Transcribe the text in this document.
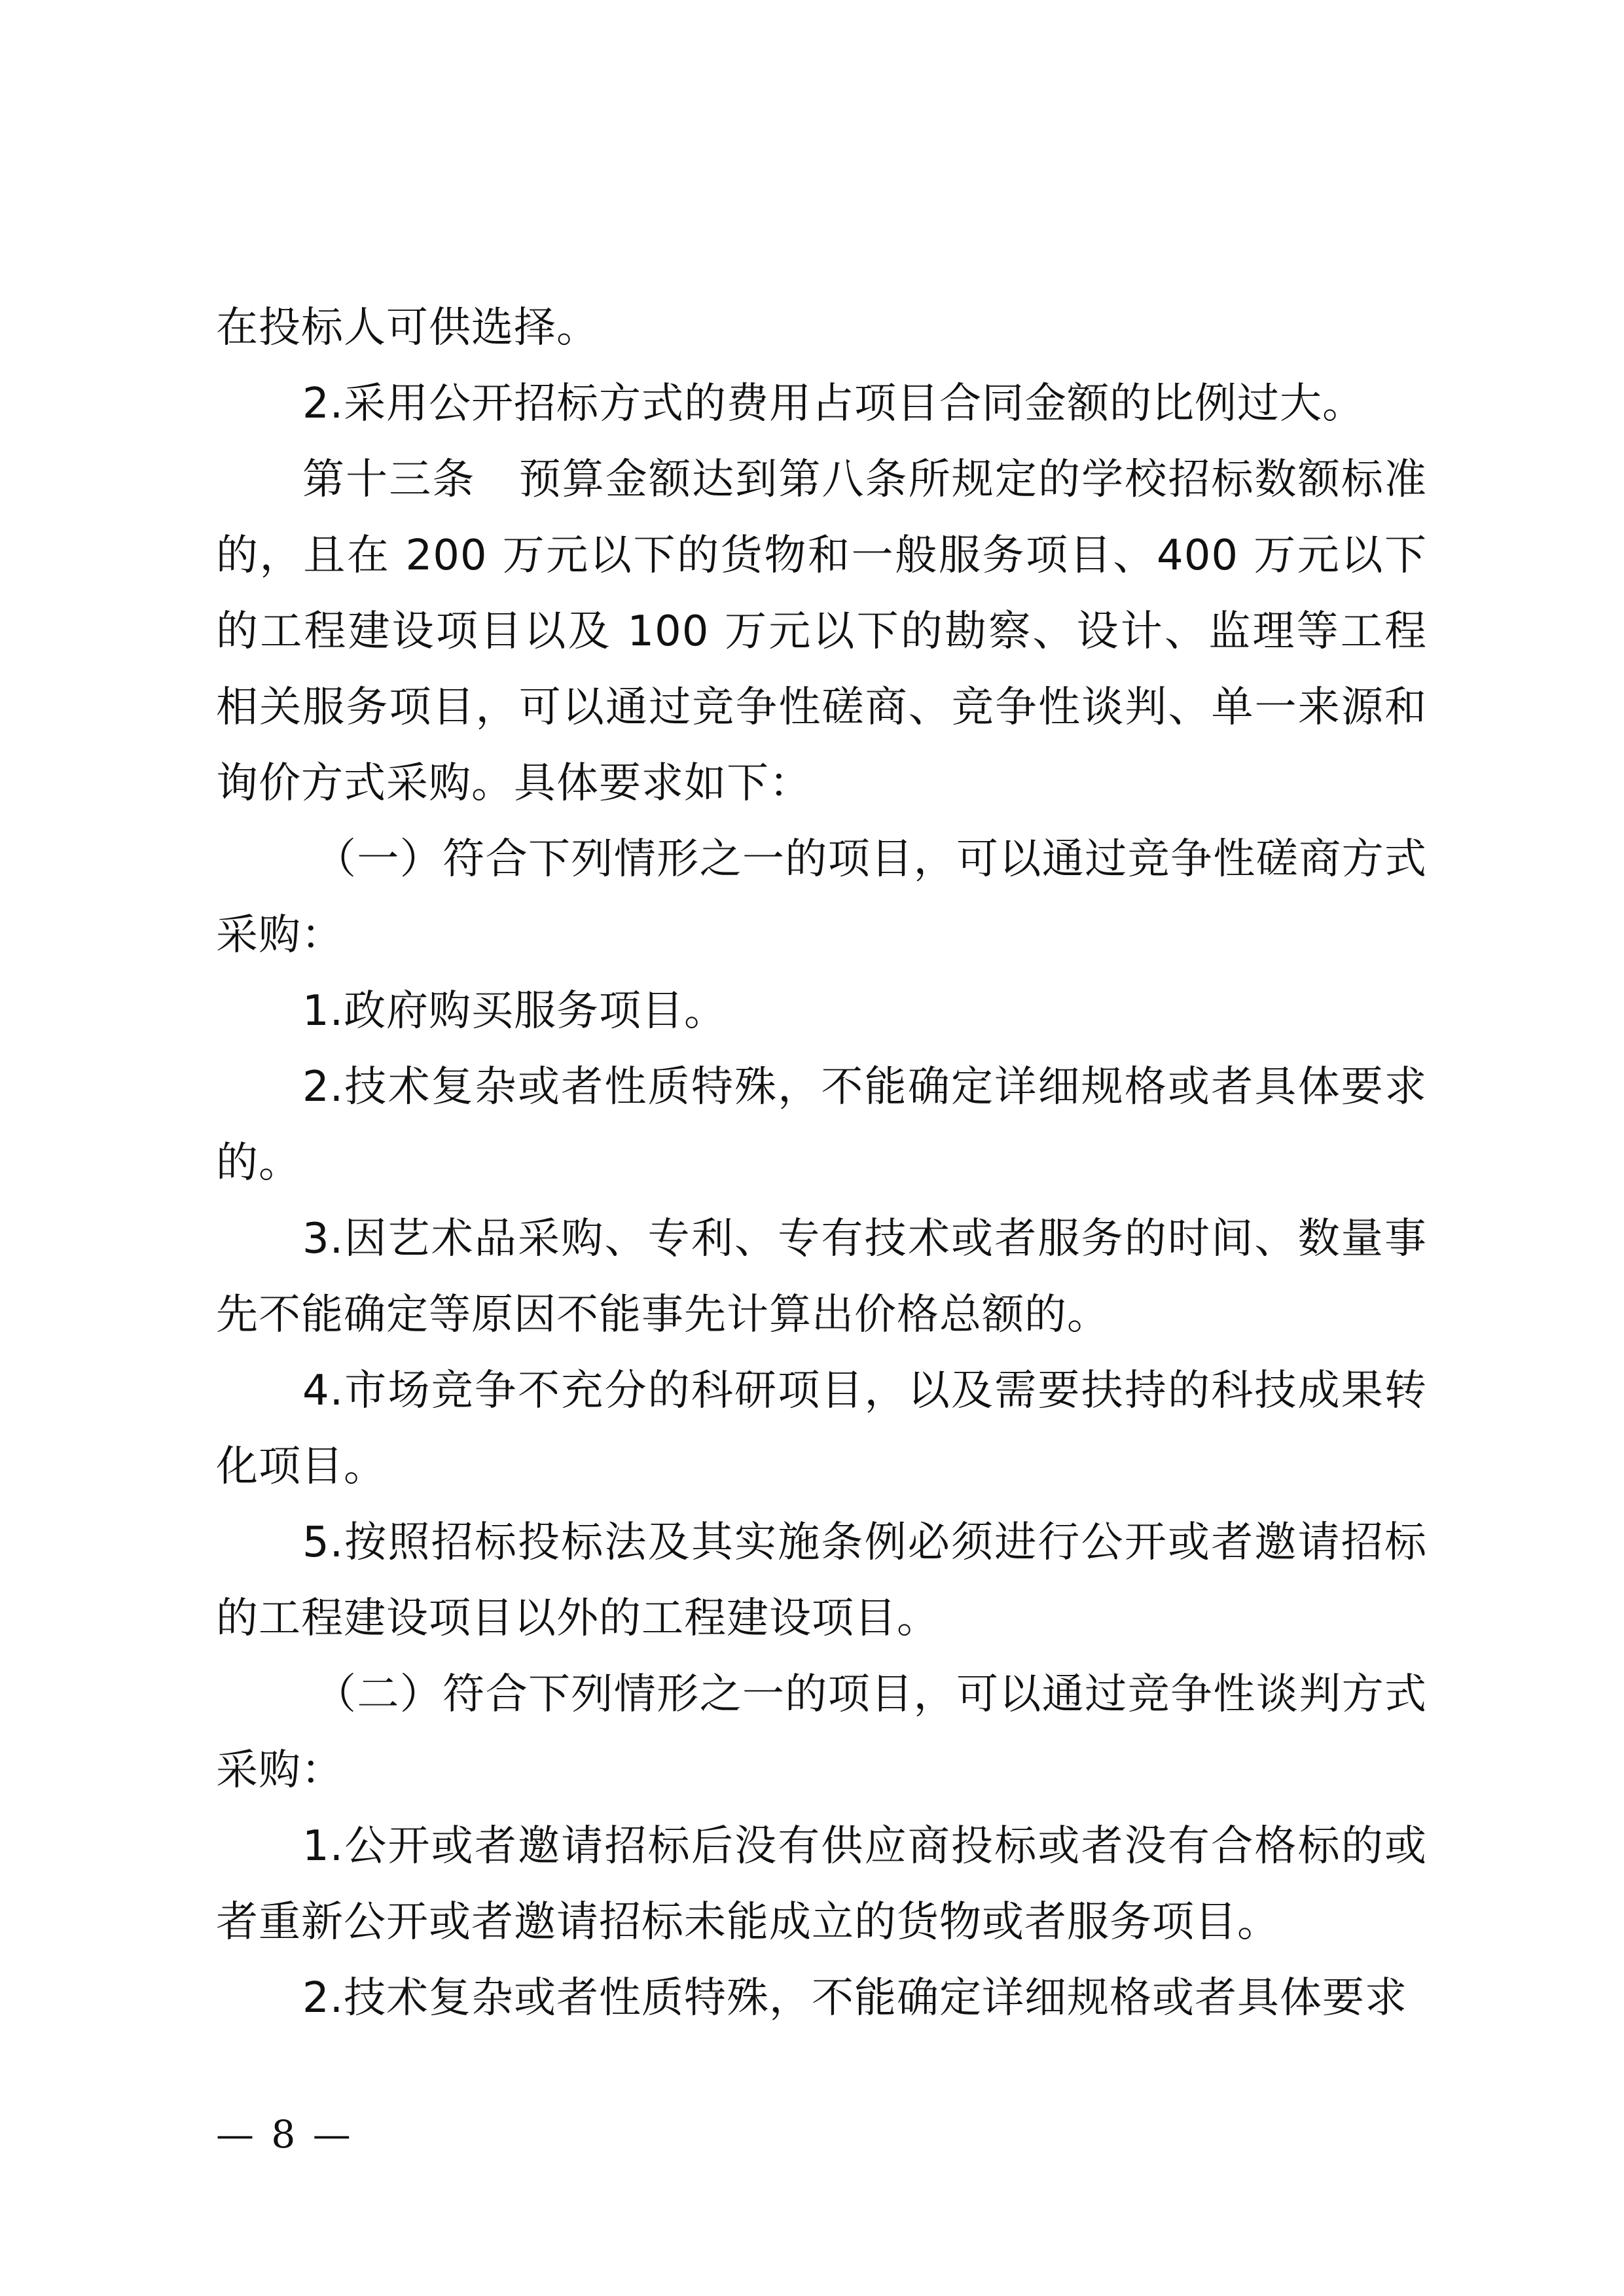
在投标人可供选择。

2.采用公开招标方式的费用占项目合同金额的比例过大。

第十三条　预算金额达到第八条所规定的学校招标数额标准的，且在 200 万元以下的货物和一般服务项目、400 万元以下的工程建设项目以及 100 万元以下的勘察、设计、监理等工程相关服务项目，可以通过竞争性磋商、竞争性谈判、单一来源和询价方式采购。具体要求如下：

（一）符合下列情形之一的项目，可以通过竞争性磋商方式采购：

1.政府购买服务项目。

2.技术复杂或者性质特殊，不能确定详细规格或者具体要求的。

3.因艺术品采购、专利、专有技术或者服务的时间、数量事先不能确定等原因不能事先计算出价格总额的。

4.市场竞争不充分的科研项目，以及需要扶持的科技成果转化项目。

5.按照招标投标法及其实施条例必须进行公开或者邀请招标的工程建设项目以外的工程建设项目。

（二）符合下列情形之一的项目，可以通过竞争性谈判方式采购：

1.公开或者邀请招标后没有供应商投标或者没有合格标的或者重新公开或者邀请招标未能成立的货物或者服务项目。

2.技术复杂或者性质特殊，不能确定详细规格或者具体要求

— 8 —
